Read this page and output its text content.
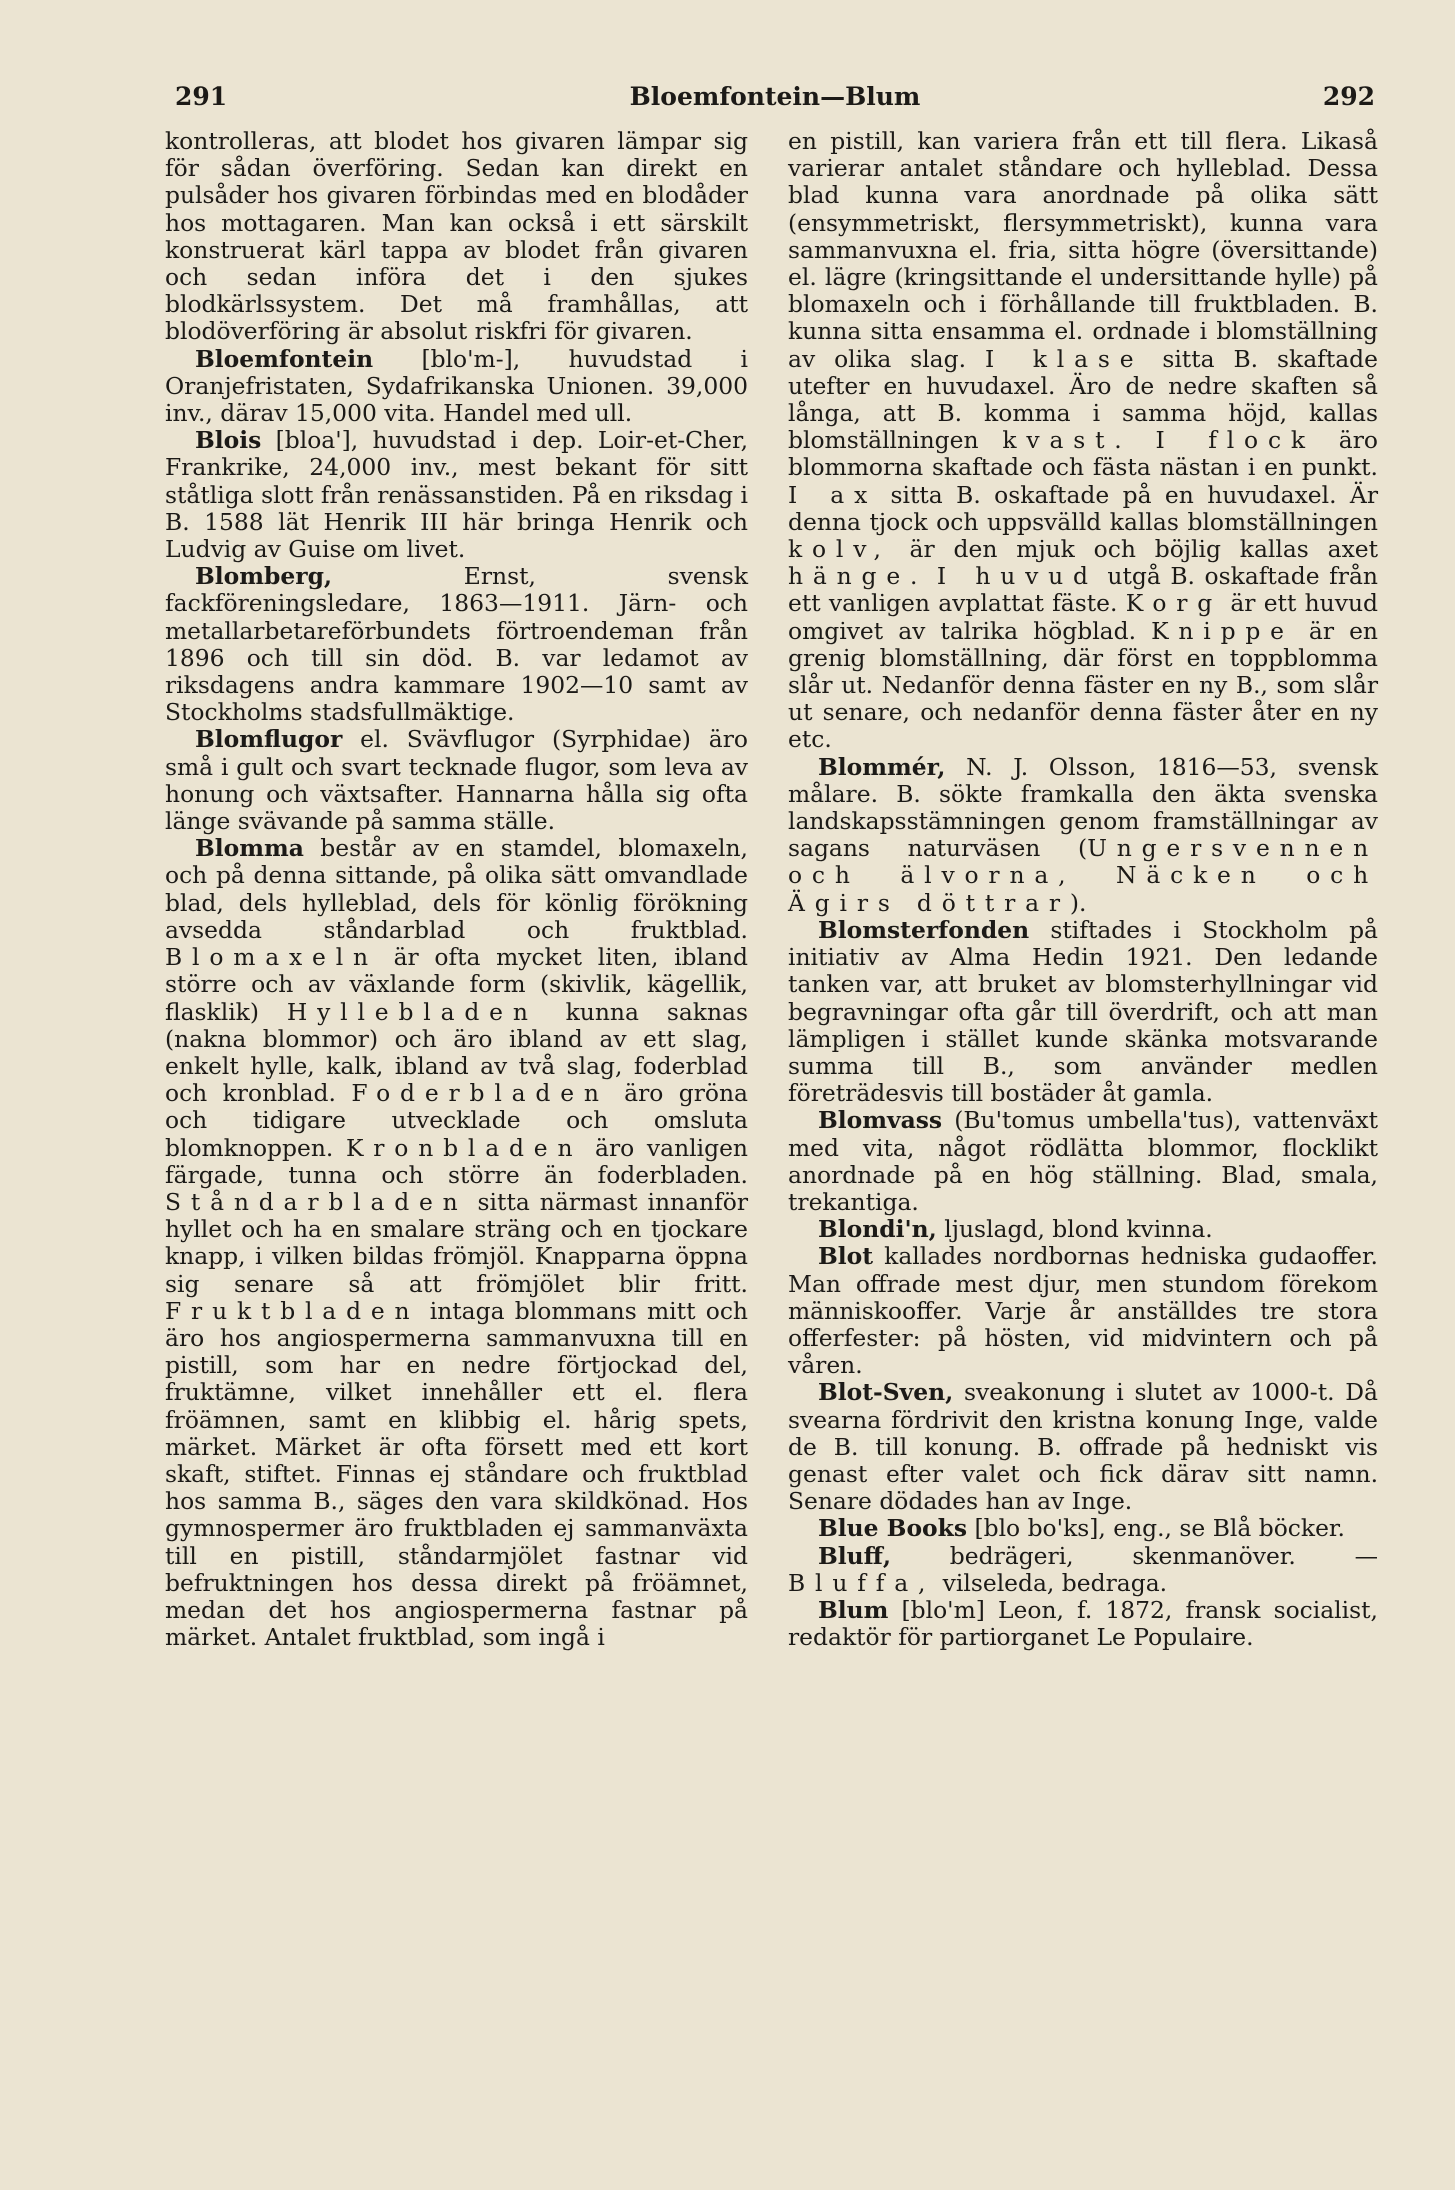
291	Bloemfontein—Blum	292

kontrolleras, att blodet hos givaren lämpar sig för sådan överföring. Sedan kan direkt en pulsåder hos givaren förbindas med en blodåder hos mottagaren. Man kan också i ett särskilt konstruerat kärl tappa av blodet från givaren och sedan införa det i den sjukes blodkärlssystem. Det må framhållas, att blodöverföring är absolut riskfri för givaren.

Bloemfontein [blo'm-], huvudstad i Oranjefristaten, Sydafrikanska Unionen. 39,000 inv., därav 15,000 vita. Handel med ull.

Blois [bloa'], huvudstad i dep. Loir-et-Cher, Frankrike, 24,000 inv., mest bekant för sitt ståtliga slott från renässanstiden. På en riksdag i B. 1588 lät Henrik III här bringa Henrik och Ludvig av Guise om livet.

Blomberg, Ernst, svensk fackföreningsledare, 1863—1911. Järn- och metallarbetareförbundets förtroendeman från 1896 och till sin död. B. var ledamot av riksdagens andra kammare 1902—10 samt av Stockholms stadsfullmäktige.

Blomflugor el. Svävflugor (Syrphidae) äro små i gult och svart tecknade flugor, som leva av honung och växtsafter. Hannarna hålla sig ofta länge svävande på samma ställe.

Blomma består av en stamdel, blomaxeln, och på denna sittande, på olika sätt omvandlade blad, dels hylleblad, dels för könlig förökning avsedda ståndarblad och fruktblad. Blomaxeln är ofta mycket liten, ibland större och av växlande form (skivlik, kägellik, flasklik) Hyllebladen kunna saknas (nakna blommor) och äro ibland av ett slag, enkelt hylle, kalk, ibland av två slag, foderblad och kronblad. Foderbladen äro gröna och tidigare utvecklade och omsluta blomknoppen. Kronbladen äro vanligen färgade, tunna och större än foderbladen. Ståndarbladen sitta närmast innanför hyllet och ha en smalare sträng och en tjockare knapp, i vilken bildas frömjöl. Knapparna öppna sig senare så att frömjölet blir fritt. Fruktbladen intaga blommans mitt och äro hos angiospermerna sammanvuxna till en pistill, som har en nedre förtjockad del, fruktämne, vilket innehåller ett el. flera fröämnen, samt en klibbig el. hårig spets, märket. Märket är ofta försett med ett kort skaft, stiftet. Finnas ej ståndare och fruktblad hos samma B., säges den vara skildkönad. Hos gymnospermer äro fruktbladen ej sammanväxta till en pistill, ståndarmjölet fastnar vid befruktningen hos dessa direkt på fröämnet, medan det hos angiospermerna fastnar på märket. Antalet fruktblad, som ingå i

en pistill, kan variera från ett till flera. Likaså varierar antalet ståndare och hylleblad. Dessa blad kunna vara anordnade på olika sätt (ensymmetriskt, flersymmetriskt), kunna vara sammanvuxna el. fria, sitta högre (översittande) el. lägre (kringsittande el undersittande hylle) på blomaxeln och i förhållande till fruktbladen. B. kunna sitta ensamma el. ordnade i blomställning av olika slag. I klase sitta B. skaftade utefter en huvudaxel. Äro de nedre skaften så långa, att B. komma i samma höjd, kallas blomställningen kvast. I flock äro blommorna skaftade och fästa nästan i en punkt. I ax sitta B. oskaftade på en huvudaxel. Är denna tjock och uppsvälld kallas blomställningen kolv, är den mjuk och böjlig kallas axet hänge. I huvud utgå B. oskaftade från ett vanligen avplattat fäste. Korg är ett huvud omgivet av talrika högblad. Knippe är en grenig blomställning, där först en toppblomma slår ut. Nedanför denna fäster en ny B., som slår ut senare, och nedanför denna fäster åter en ny etc.

Blommér, N. J. Olsson, 1816—53, svensk målare. B. sökte framkalla den äkta svenska landskapsstämningen genom framställningar av sagans naturväsen (Ungersvennen och älvorna, Näcken och Ägirs döttrar).

Blomsterfonden stiftades i Stockholm på initiativ av Alma Hedin 1921. Den ledande tanken var, att bruket av blomsterhyllningar vid begravningar ofta går till överdrift, och att man lämpligen i stället kunde skänka motsvarande summa till B., som använder medlen företrädesvis till bostäder åt gamla.

Blomvass (Bu'tomus umbella'tus), vattenväxt med vita, något rödlätta blommor, flocklikt anordnade på en hög ställning. Blad, smala, trekantiga.

Blondi'n, ljuslagd, blond kvinna.

Blot kallades nordbornas hedniska gudaoffer. Man offrade mest djur, men stundom förekom människooffer. Varje år anställdes tre stora offerfester: på hösten, vid midvintern och på våren.

Blot-Sven, sveakonung i slutet av 1000-t. Då svearna fördrivit den kristna konung Inge, valde de B. till konung. B. offrade på hedniskt vis genast efter valet och fick därav sitt namn. Senare dödades han av Inge.

Blue Books [blo bo'ks], eng., se Blå böcker.

Bluff, bedrägeri, skenmanöver. — Bluffa, vilseleda, bedraga.

Blum [blo'm] Leon, f. 1872, fransk socialist, redaktör för partiorganet Le Populaire.
